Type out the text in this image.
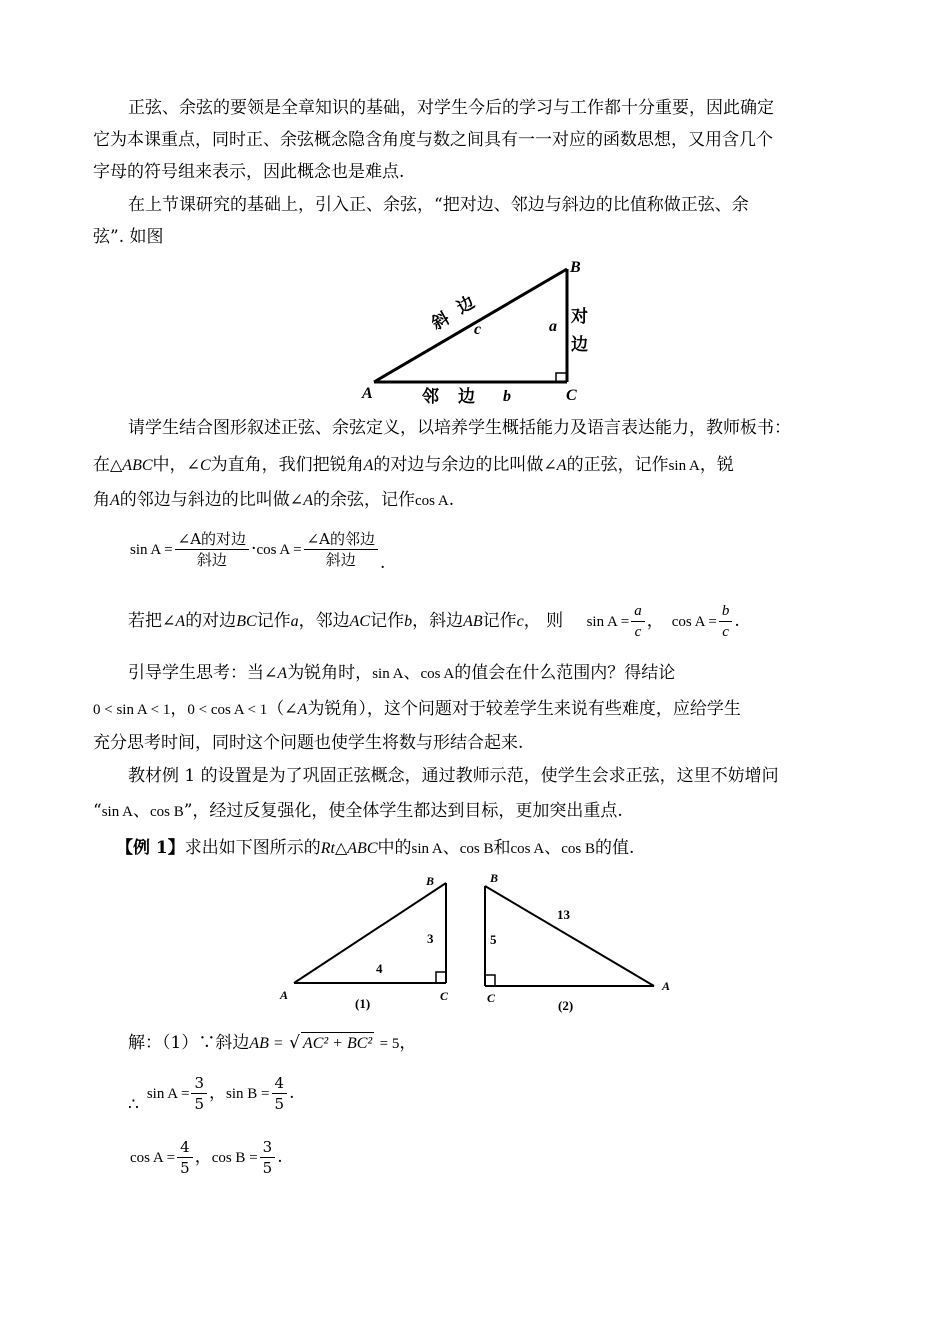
正弦、余弦的要领是全章知识的基础，对学生今后的学习与工作都十分重要，因此确定
它为本课重点，同时正、余弦概念隐含角度与数之间具有一一对应的函数思想，又用含几个
字母的符号组来表示，因此概念也是难点.
在上节课研究的基础上，引入正、余弦，“把对边、邻边与斜边的比值称做正弦、余
弦”. 如图
A
B
C
斜
边
c	a
对
边
邻 边 b
请学生结合图形叙述正弦、余弦定义，以培养学生概括能力及语言表达能力，教师板书：
在△ABC中，∠C为直角，我们把锐角A的对边与余边的比叫做∠A的正弦，记作sin A，锐
角A的邻边与斜边的比叫做∠A的余弦，记作cos A.
$\sin A = \frac{\text{∠A的对边}}{\text{斜边}} \cdot\cos$ $A = \frac{\text{∠A的邻边}}{\text{斜边}}$ .
若把∠A的对边BC记作a，邻边AC记作b，斜边AB记作c， 则 $\sin A = \frac{a}{c}$ ， $\cos A = \frac{b}{c}$ .
引导学生思考：当∠A为锐角时，sin A、cos A的值会在什么范围内？得结论
0 < sin A < 1，0 < cos A < 1（∠A为锐角），这个问题对于较差学生来说有些难度，应给学生
充分思考时间，同时这个问题也使学生将数与形结合起来.
教材例 1 的设置是为了巩固正弦概念，通过教师示范，使学生会求正弦，这里不妨增问
“sin A、cos B”，经过反复强化，使全体学生都达到目标，更加突出重点.
【例 1】求出如下图所示的Rt△ABC中的sin A、cos B和cos A、cos B的值.
A
B
C
3
4
(1)
B
C
A
5
13
(2)
解：（1）∵斜边AB = √ AC² + BC² = 5，
∴sin $A = \frac{3}{5}$ ，$\sin B = \frac{4}{5}$ .
$\cos A = \frac{4}{5}$ ，$\cos B = \frac{3}{5}$ .
